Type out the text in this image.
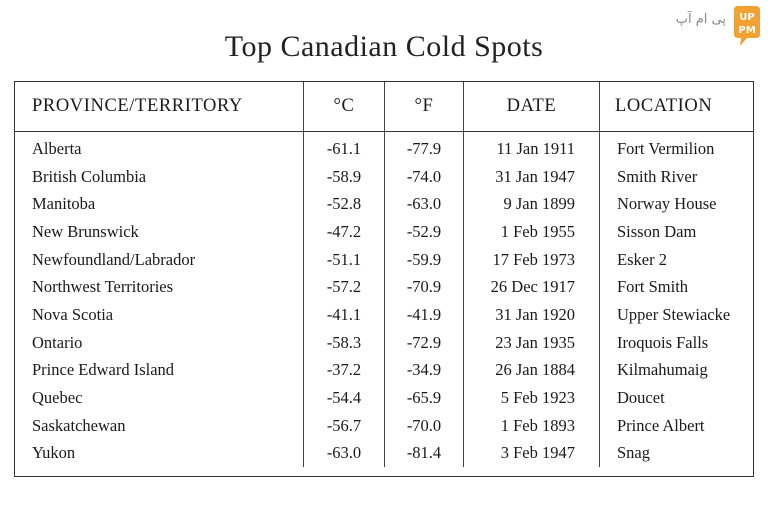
Top Canadian Cold Spots
پی ام آپ UP
PM
PROVINCE/TERRITORY	°C	°F	DATE	LOCATION
Alberta	-61.1	-77.9	11 Jan 1911	Fort Vermilion
British Columbia	-58.9	-74.0	31 Jan 1947	Smith River
Manitoba	-52.8	-63.0	9 Jan 1899	Norway House
New Brunswick	-47.2	-52.9	1 Feb 1955	Sisson Dam
Newfoundland/Labrador	-51.1	-59.9	17 Feb 1973	Esker 2
Northwest Territories	-57.2	-70.9	26 Dec 1917	Fort Smith
Nova Scotia	-41.1	-41.9	31 Jan 1920	Upper Stewiacke
Ontario	-58.3	-72.9	23 Jan 1935	Iroquois Falls
Prince Edward Island	-37.2	-34.9	26 Jan 1884	Kilmahumaig
Quebec	-54.4	-65.9	5 Feb 1923	Doucet
Saskatchewan	-56.7	-70.0	1 Feb 1893	Prince Albert
Yukon	-63.0	-81.4	3 Feb 1947	Snag
